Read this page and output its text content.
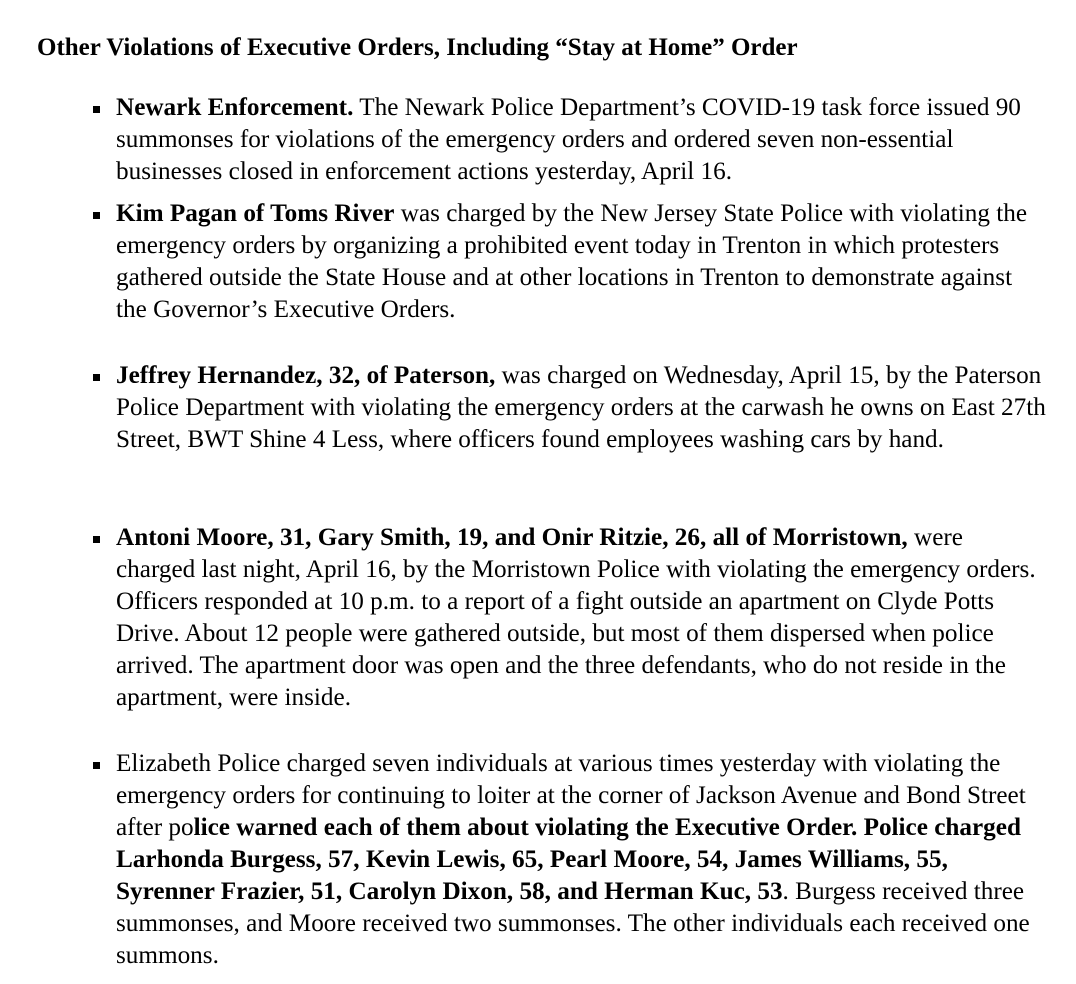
Other Violations of Executive Orders, Including “Stay at Home” Order

Newark Enforcement. The Newark Police Department’s COVID-19 task force issued 90 summonses for violations of the emergency orders and ordered seven non-essential businesses closed in enforcement actions yesterday, April 16.

Kim Pagan of Toms River was charged by the New Jersey State Police with violating the emergency orders by organizing a prohibited event today in Trenton in which protesters gathered outside the State House and at other locations in Trenton to demonstrate against the Governor’s Executive Orders.

Jeffrey Hernandez, 32, of Paterson, was charged on Wednesday, April 15, by the Paterson Police Department with violating the emergency orders at the carwash he owns on East 27th Street, BWT Shine 4 Less, where officers found employees washing cars by hand.

Antoni Moore, 31, Gary Smith, 19, and Onir Ritzie, 26, all of Morristown, were charged last night, April 16, by the Morristown Police with violating the emergency orders. Officers responded at 10 p.m. to a report of a fight outside an apartment on Clyde Potts Drive. About 12 people were gathered outside, but most of them dispersed when police arrived. The apartment door was open and the three defendants, who do not reside in the apartment, were inside.

Elizabeth Police charged seven individuals at various times yesterday with violating the emergency orders for continuing to loiter at the corner of Jackson Avenue and Bond Street after police warned each of them about violating the Executive Order. Police charged Larhonda Burgess, 57, Kevin Lewis, 65, Pearl Moore, 54, James Williams, 55, Syrenner Frazier, 51, Carolyn Dixon, 58, and Herman Kuc, 53. Burgess received three summonses, and Moore received two summonses. The other individuals each received one summons.
